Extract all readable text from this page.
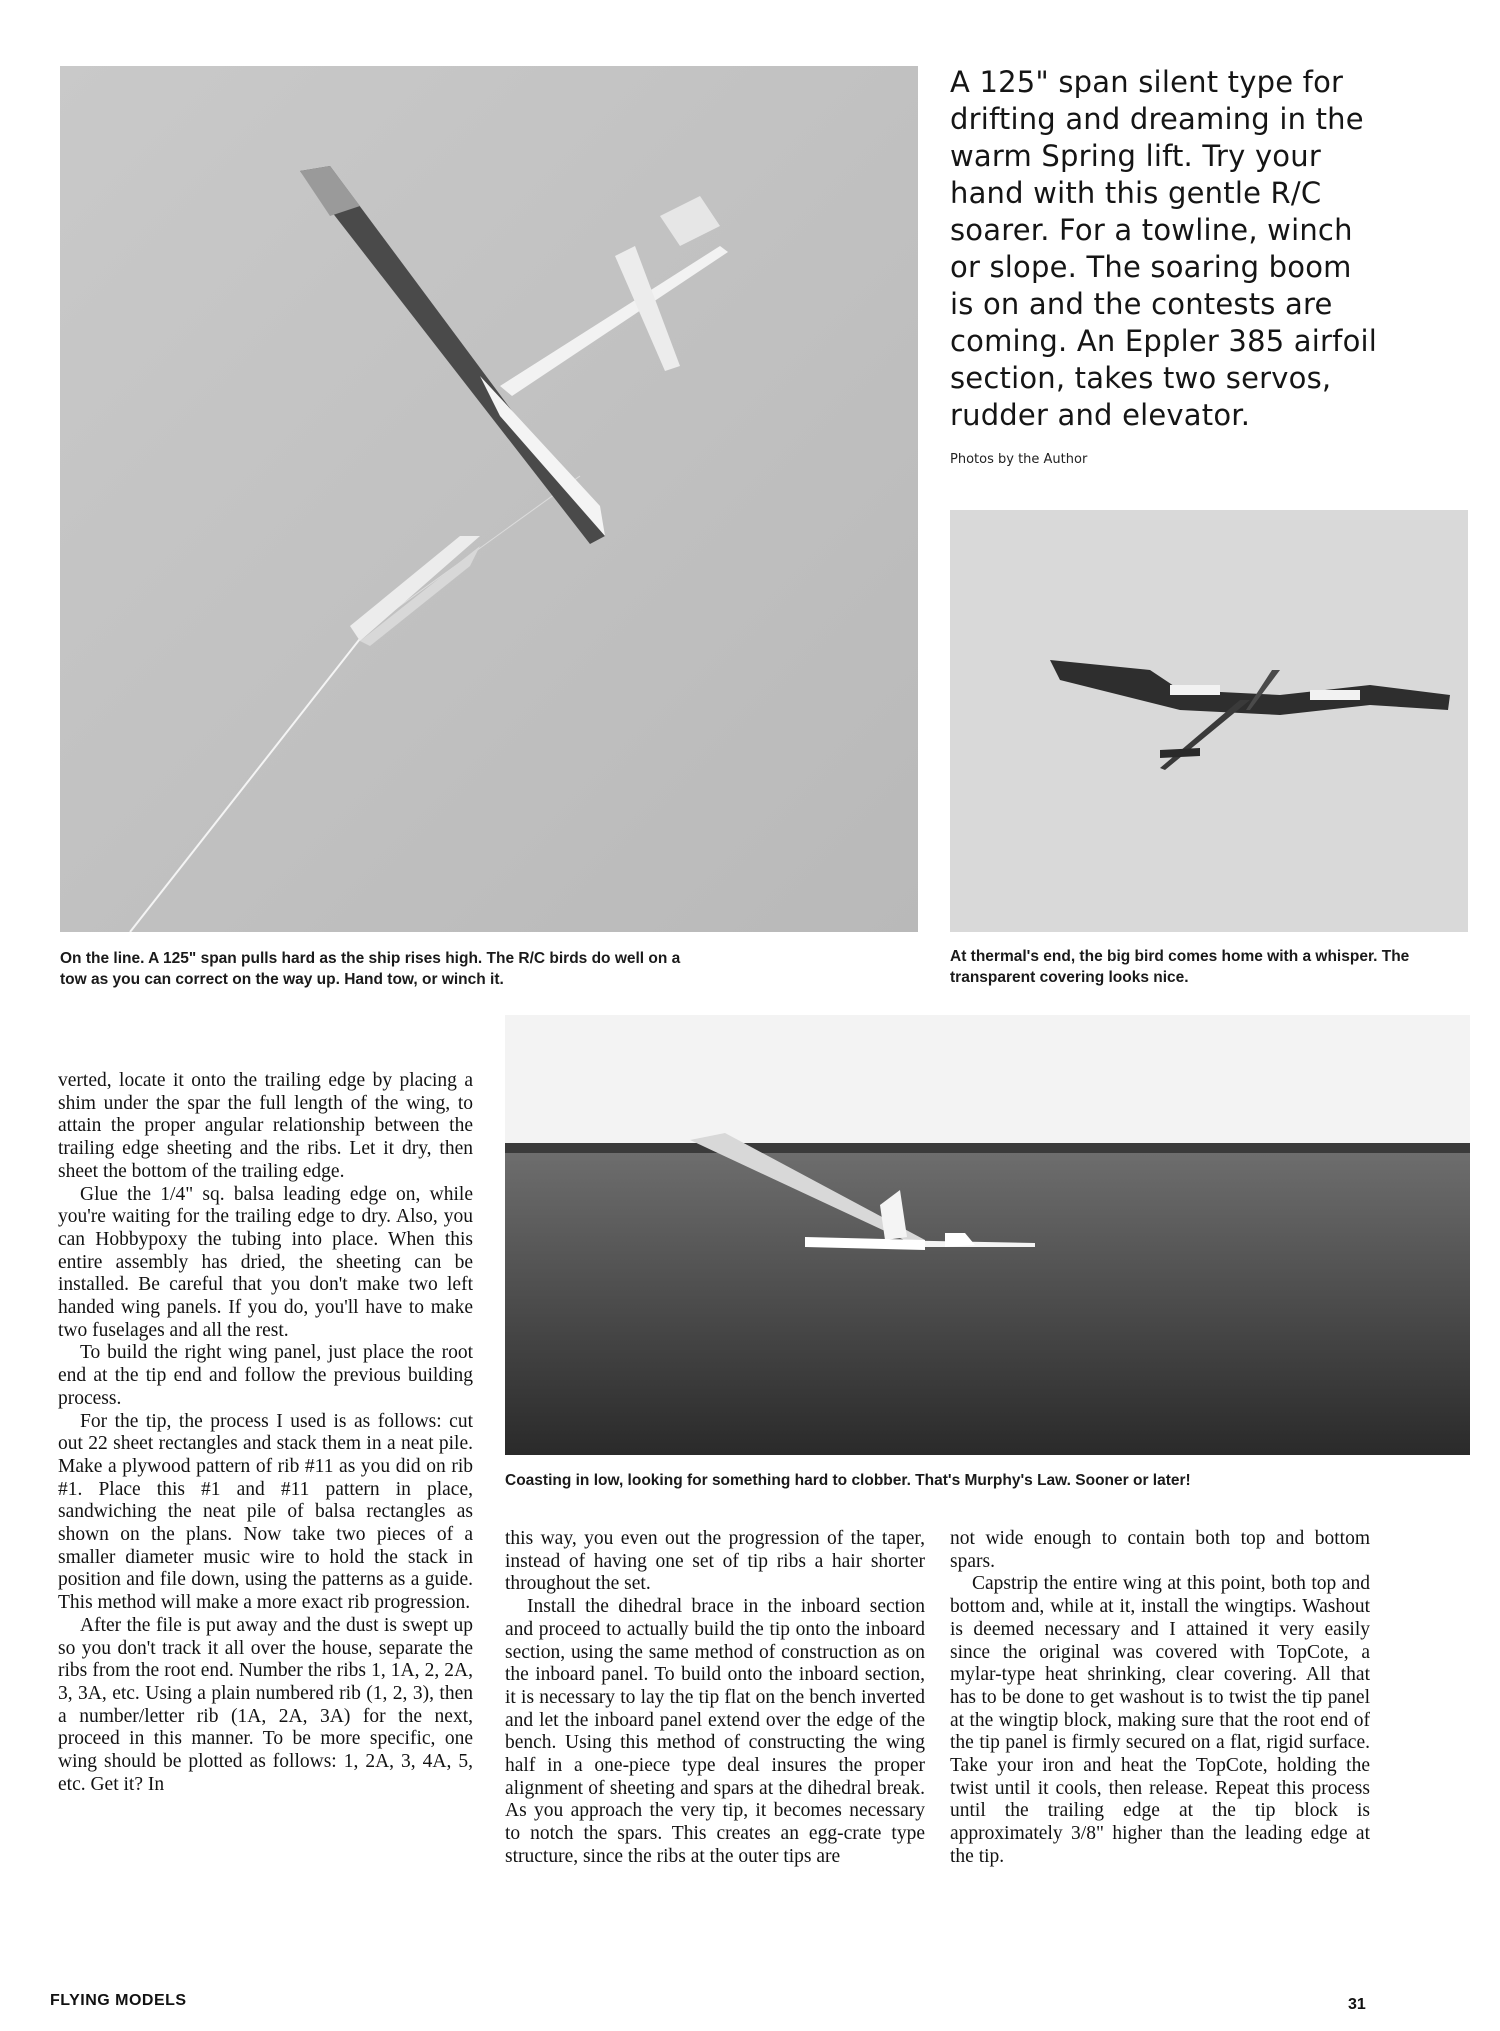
A 125" span silent type for drifting and dreaming in the warm Spring lift. Try your hand with this gentle R/C soarer. For a towline, winch or slope. The soaring boom is on and the contests are coming. An Eppler 385 airfoil section, takes two servos, rudder and elevator.
Photos by the Author
On the line. A 125" span pulls hard as the ship rises high. The R/C birds do well on a tow as you can correct on the way up. Hand tow, or winch it.
At thermal's end, the big bird comes home with a whisper. The transparent covering looks nice.
Coasting in low, looking for something hard to clobber. That's Murphy's Law. Sooner or later!

verted, locate it onto the trailing edge by placing a shim under the spar the full length of the wing, to attain the proper angular relationship between the trailing edge sheeting and the ribs. Let it dry, then sheet the bottom of the trailing edge.

Glue the 1/4" sq. balsa leading edge on, while you're waiting for the trailing edge to dry. Also, you can Hobbypoxy the tubing into place. When this entire assembly has dried, the sheeting can be installed. Be careful that you don't make two left handed wing panels. If you do, you'll have to make two fuselages and all the rest.

To build the right wing panel, just place the root end at the tip end and follow the previous building process.

For the tip, the process I used is as follows: cut out 22 sheet rectangles and stack them in a neat pile. Make a plywood pattern of rib #11 as you did on rib #1. Place this #1 and #11 pattern in place, sandwiching the neat pile of balsa rectangles as shown on the plans. Now take two pieces of a smaller diameter music wire to hold the stack in position and file down, using the patterns as a guide. This method will make a more exact rib progression.

After the file is put away and the dust is swept up so you don't track it all over the house, separate the ribs from the root end. Number the ribs 1, 1A, 2, 2A, 3, 3A, etc. Using a plain numbered rib (1, 2, 3), then a number/letter rib (1A, 2A, 3A) for the next, proceed in this manner. To be more specific, one wing should be plotted as follows: 1, 2A, 3, 4A, 5, etc. Get it? In

this way, you even out the progression of the taper, instead of having one set of tip ribs a hair shorter throughout the set.

Install the dihedral brace in the inboard section and proceed to actually build the tip onto the inboard section, using the same method of construction as on the inboard panel. To build onto the inboard section, it is necessary to lay the tip flat on the bench inverted and let the inboard panel extend over the edge of the bench. Using this method of constructing the wing half in a one-piece type deal insures the proper alignment of sheeting and spars at the dihedral break. As you approach the very tip, it becomes necessary to notch the spars. This creates an egg-crate type structure, since the ribs at the outer tips are

not wide enough to contain both top and bottom spars.

Capstrip the entire wing at this point, both top and bottom and, while at it, install the wingtips. Washout is deemed necessary and I attained it very easily since the original was covered with TopCote, a mylar-type heat shrinking, clear covering. All that has to be done to get washout is to twist the tip panel at the wingtip block, making sure that the root end of the tip panel is firmly secured on a flat, rigid surface. Take your iron and heat the TopCote, holding the twist until it cools, then release. Repeat this process until the trailing edge at the tip block is approximately 3/8" higher than the leading edge at the tip.

FLYING MODELS	31
